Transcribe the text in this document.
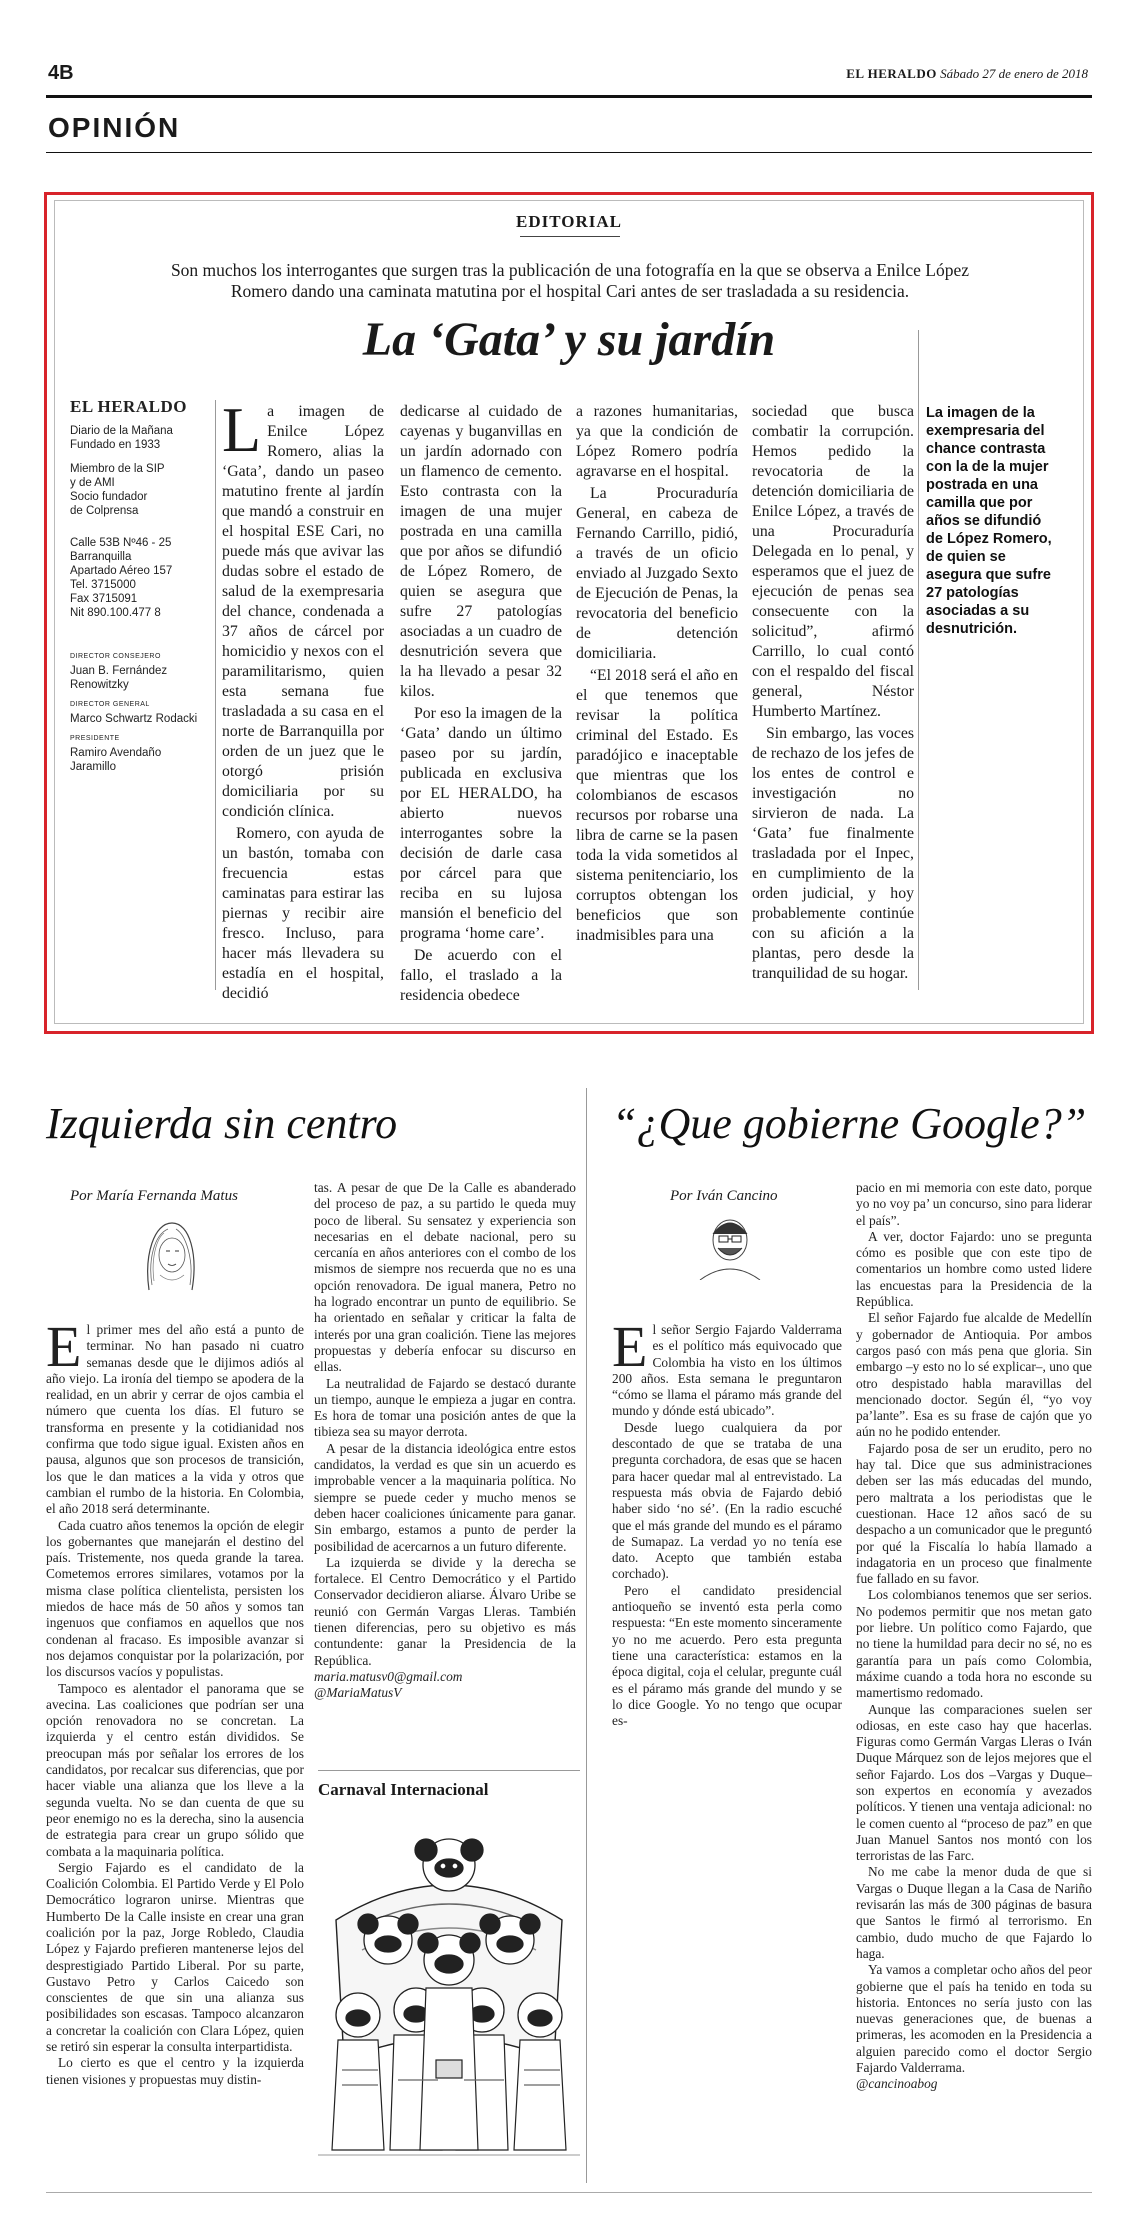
4B	EL HERALDO Sábado 27 de enero de 2018
OPINIÓN
EDITORIAL
Son muchos los interrogantes que surgen tras la publicación de una fotografía en la que se observa a Enilce López Romero dando una caminata matutina por el hospital Cari antes de ser trasladada a su residencia.
La ‘Gata’ y su jardín
EL HERALDO
Diario de la Mañana
Fundado en 1933
Miembro de la SIP
y de AMI
Socio fundador
de Colprensa
Calle 53B Nº46 - 25
Barranquilla
Apartado Aéreo 157
Tel. 3715000
Fax 3715091
Nit 890.100.477 8
DIRECTOR CONSEJERO
Juan B. Fernández
Renowitzky
DIRECTOR GENERAL
Marco Schwartz Rodacki
PRESIDENTE
Ramiro Avendaño
Jaramillo

La imagen de Enilce López Romero, alias la ‘Gata’, dando un paseo matutino frente al jardín que mandó a construir en el hospital ESE Cari, no puede más que avivar las dudas sobre el estado de salud de la exempresaria del chance, condenada a 37 años de cárcel por homicidio y nexos con el paramilitarismo, quien esta semana fue trasladada a su casa en el norte de Barranquilla por orden de un juez que le otorgó prisión domiciliaria por su condición clínica.

Romero, con ayuda de un bastón, tomaba con frecuencia estas caminatas para estirar las piernas y recibir aire fresco. Incluso, para hacer más llevadera su estadía en el hospital, decidió

dedicarse al cuidado de cayenas y buganvillas en un jardín adornado con un flamenco de cemento. Esto contrasta con la imagen de una mujer postrada en una camilla que por años se difundió de López Romero, de quien se asegura que sufre 27 patologías asociadas a un cuadro de desnutrición severa que la ha llevado a pesar 32 kilos.

Por eso la imagen de la ‘Gata’ dando un último paseo por su jardín, publicada en exclusiva por EL HERALDO, ha abierto nuevos interrogantes sobre la decisión de darle casa por cárcel para que reciba en su lujosa mansión el beneficio del programa ‘home care’.

De acuerdo con el fallo, el traslado a la residencia obedece

a razones humanitarias, ya que la condición de López Romero podría agravarse en el hospital.

La Procuraduría General, en cabeza de Fernando Carrillo, pidió, a través de un oficio enviado al Juzgado Sexto de Ejecución de Penas, la revocatoria del beneficio de detención domiciliaria.

“El 2018 será el año en el que tenemos que revisar la política criminal del Estado. Es paradójico e inaceptable que mientras que los colombianos de escasos recursos por robarse una libra de carne se la pasen toda la vida sometidos al sistema penitenciario, los corruptos obtengan los beneficios que son inadmisibles para una

sociedad que busca combatir la corrupción. Hemos pedido la revocatoria de la detención domiciliaria de Enilce López, a través de una Procuraduría Delegada en lo penal, y esperamos que el juez de ejecución de penas sea consecuente con la solicitud”, afirmó Carrillo, lo cual contó con el respaldo del fiscal general, Néstor Humberto Martínez.

Sin embargo, las voces de rechazo de los jefes de los entes de control e investigación no sirvieron de nada. La ‘Gata’ fue finalmente trasladada por el Inpec, en cumplimiento de la orden judicial, y hoy probablemente continúe con su afición a la plantas, pero desde la tranquilidad de su hogar.

La imagen de la exempresaria del chance contrasta con la de la mujer postrada en una camilla que por años se difundió de López Romero, de quien se asegura que sufre 27 patologías asociadas a su desnutrición.
Izquierda sin centro
Por María Fernanda Matus

El primer mes del año está a punto de terminar. No han pasado ni cuatro semanas desde que le dijimos adiós al año viejo. La ironía del tiempo se apodera de la realidad, en un abrir y cerrar de ojos cambia el número que cuenta los días. El futuro se transforma en presente y la cotidianidad nos confirma que todo sigue igual. Existen años en pausa, algunos que son procesos de transición, los que le dan matices a la vida y otros que cambian el rumbo de la historia. En Colombia, el año 2018 será determinante.

Cada cuatro años tenemos la opción de elegir los gobernantes que manejarán el destino del país. Tristemente, nos queda grande la tarea. Cometemos errores similares, votamos por la misma clase política clientelista, persisten los miedos de hace más de 50 años y somos tan ingenuos que confiamos en aquellos que nos condenan al fracaso. Es imposible avanzar si nos dejamos conquistar por la polarización, por los discursos vacíos y populistas.

Tampoco es alentador el panorama que se avecina. Las coaliciones que podrían ser una opción renovadora no se concretan. La izquierda y el centro están divididos. Se preocupan más por señalar los errores de los candidatos, por recalcar sus diferencias, que por hacer viable una alianza que los lleve a la segunda vuelta. No se dan cuenta de que su peor enemigo no es la derecha, sino la ausencia de estrategia para crear un grupo sólido que combata a la maquinaria política.

Sergio Fajardo es el candidato de la Coalición Colombia. El Partido Verde y El Polo Democrático lograron unirse. Mientras que Humberto De la Calle insiste en crear una gran coalición por la paz, Jorge Robledo, Claudia López y Fajardo prefieren mantenerse lejos del desprestigiado Partido Liberal. Por su parte, Gustavo Petro y Carlos Caicedo son conscientes de que sin una alianza sus posibilidades son escasas. Tampoco alcanzaron a concretar la coalición con Clara López, quien se retiró sin esperar la consulta interpartidista.

Lo cierto es que el centro y la izquierda tienen visiones y propuestas muy distin-

tas. A pesar de que De la Calle es abanderado del proceso de paz, a su partido le queda muy poco de liberal. Su sensatez y experiencia son necesarias en el debate nacional, pero su cercanía en años anteriores con el combo de los mismos de siempre nos recuerda que no es una opción renovadora. De igual manera, Petro no ha logrado encontrar un punto de equilibrio. Se ha orientado en señalar y criticar la falta de interés por una gran coalición. Tiene las mejores propuestas y debería enfocar su discurso en ellas.

La neutralidad de Fajardo se destacó durante un tiempo, aunque le empieza a jugar en contra. Es hora de tomar una posición antes de que la tibieza sea su mayor derrota.

A pesar de la distancia ideológica entre estos candidatos, la verdad es que sin un acuerdo es improbable vencer a la maquinaria política. No siempre se puede ceder y mucho menos se deben hacer coaliciones únicamente para ganar. Sin embargo, estamos a punto de perder la posibilidad de acercarnos a un futuro diferente.

La izquierda se divide y la derecha se fortalece. El Centro Democrático y el Partido Conservador decidieron aliarse. Álvaro Uribe se reunió con Germán Vargas Lleras. También tienen diferencias, pero su objetivo es más contundente: ganar la Presidencia de la República.

maria.matusv0@gmail.com

@MariaMatusV

Carnaval Internacional
“¿Que gobierne Google?”
Por Iván Cancino

El señor Sergio Fajardo Valderrama es el político más equivocado que Colombia ha visto en los últimos 200 años. Esta semana le preguntaron “cómo se llama el páramo más grande del mundo y dónde está ubicado”.

Desde luego cualquiera da por descontado de que se trataba de una pregunta corchadora, de esas que se hacen para hacer quedar mal al entrevistado. La respuesta más obvia de Fajardo debió haber sido ‘no sé’. (En la radio escuché que el más grande del mundo es el páramo de Sumapaz. La verdad yo no tenía ese dato. Acepto que también estaba corchado).

Pero el candidato presidencial antioqueño se inventó esta perla como respuesta: “En este momento sinceramente yo no me acuerdo. Pero esta pregunta tiene una característica: estamos en la época digital, coja el celular, pregunte cuál es el páramo más grande del mundo y se lo dice Google. Yo no tengo que ocupar es-

pacio en mi memoria con este dato, porque yo no voy pa’ un concurso, sino para liderar el país”.

A ver, doctor Fajardo: uno se pregunta cómo es posible que con este tipo de comentarios un hombre como usted lidere las encuestas para la Presidencia de la República.

El señor Fajardo fue alcalde de Medellín y gobernador de Antioquia. Por ambos cargos pasó con más pena que gloria. Sin embargo –y esto no lo sé explicar–, uno que otro despistado habla maravillas del mencionado doctor. Según él, “yo voy pa’lante”. Esa es su frase de cajón que yo aún no he podido entender.

Fajardo posa de ser un erudito, pero no hay tal. Dice que sus administraciones deben ser las más educadas del mundo, pero maltrata a los periodistas que le cuestionan. Hace 12 años sacó de su despacho a un comunicador que le preguntó por qué la Fiscalía lo había llamado a indagatoria en un proceso que finalmente fue fallado en su favor.

Los colombianos tenemos que ser serios. No podemos permitir que nos metan gato por liebre. Un político como Fajardo, que no tiene la humildad para decir no sé, no es garantía para un país como Colombia, máxime cuando a toda hora no esconde su mamertismo redomado.

Aunque las comparaciones suelen ser odiosas, en este caso hay que hacerlas. Figuras como Germán Vargas Lleras o Iván Duque Márquez son de lejos mejores que el señor Fajardo. Los dos –Vargas y Duque– son expertos en economía y avezados políticos. Y tienen una ventaja adicional: no le comen cuento al “proceso de paz” en que Juan Manuel Santos nos montó con los terroristas de las Farc.

No me cabe la menor duda de que si Vargas o Duque llegan a la Casa de Nariño revisarán las más de 300 páginas de basura que Santos le firmó al terrorismo. En cambio, dudo mucho de que Fajardo lo haga.

Ya vamos a completar ocho años del peor gobierne que el país ha tenido en toda su historia. Entonces no sería justo con las nuevas generaciones que, de buenas a primeras, les acomoden en la Presidencia a alguien parecido como el doctor Sergio Fajardo Valderrama.

@cancinoabog
